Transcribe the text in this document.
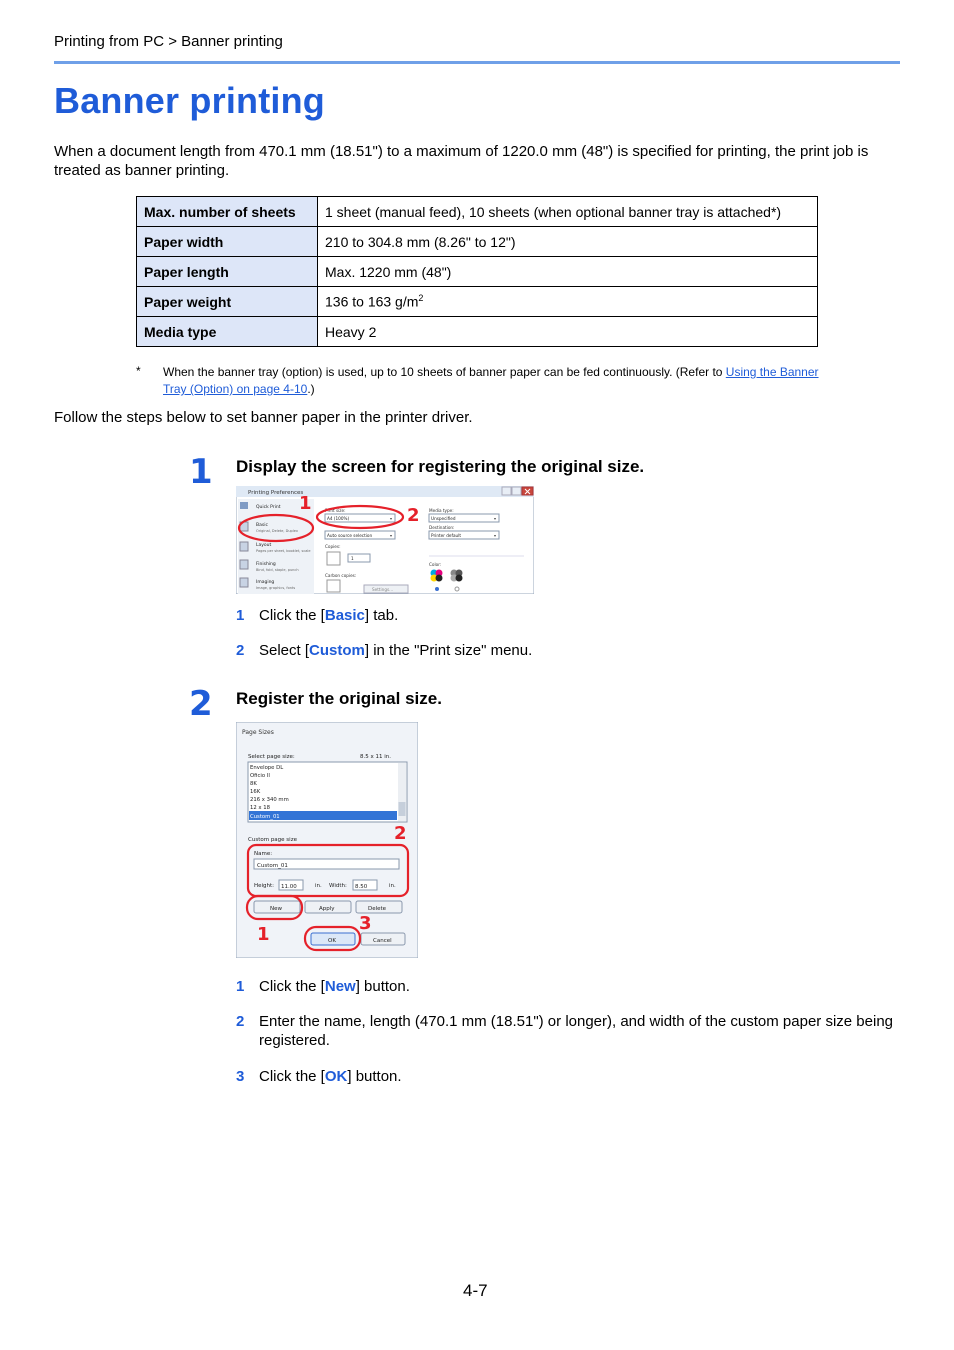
Printing from PC > Banner printing
Banner printing
When a document length from 470.1 mm (18.51") to a maximum of 1220.0 mm (48") is specified for printing, the print job is treated as banner printing.
Max. number of sheets	1 sheet (manual feed), 10 sheets (when optional banner tray is attached*)
Paper width	210 to 304.8 mm (8.26" to 12")
Paper length	Max. 1220 mm (48")
Paper weight	136 to 163 $g/m^2$
Media type	Heavy 2
* When the banner tray (option) is used, up to 10 sheets of banner paper can be fed continuously. (Refer to Using the Banner Tray (Option) on page 4-10.)
Follow the steps below to set banner paper in the printer driver.
1 Display the screen for registering the original size.
Printing Preferences
Quick Print
Basic
Original, Delete, Duplex
Layout
Pages per sheet, booklet, scale
Finishing
Bind, fold, staple, punch
Imaging
Image, graphics, fonts
1	Print size:
A4 (100%)	▾ 2
Auto source selection	▾
Copies:
1
Carbon copies:
Settings...
Media type:
Unspecified	▾
Destination:
Printer default	▾
Color:
1 Click the [Basic] tab.
2 Select [Custom] in the "Print size" menu.
2 Register the original size.
Page Sizes
Select page size:	8.5 x 11 in.
Envelope DL
Oficio II
8K
16K
216 x 340 mm
12 x 18
Custom_01
Custom page size
Name:
Custom_01
Height: 11.00	in. Width: 8.50	in.
2
New	Apply	Delete
1	OK	Cancel
3
1 Click the [New] button.
2 Enter the name, length (470.1 mm (18.51") or longer), and width of the custom paper size being registered.
3 Click the [OK] button.
4-7
